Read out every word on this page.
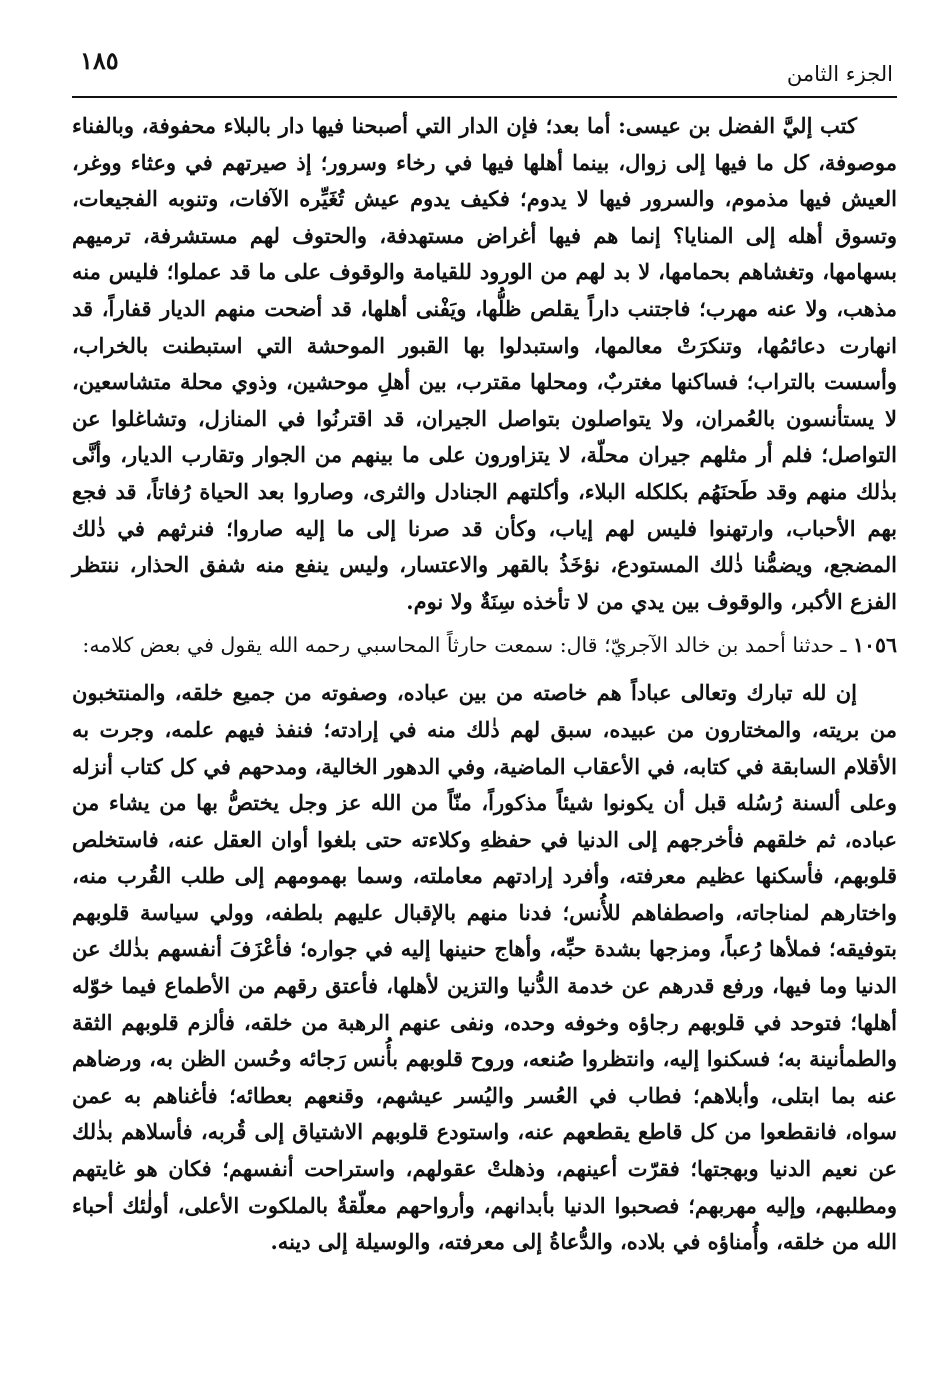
١٨٥	الجزء الثامن

كتب إليَّ الفضل بن عيسى: أما بعد؛ فإن الدار التي أصبحنا فيها دار بالبلاء محفوفة، وبالفناء موصوفة، كل ما فيها إلى زوال، بينما أهلها فيها في رخاء وسرور؛ إذ صيرتهم في وعثاء ووغر، العيش فيها مذموم، والسرور فيها لا يدوم؛ فكيف يدوم عيش تُغَيِّره الآفات، وتنوبه الفجيعات، وتسوق أهله إلى المنايا؟ إنما هم فيها أغراض مستهدفة، والحتوف لهم مستشرفة، ترميهم بسهامها، وتغشاهم بحمامها، لا بد لهم من الورود للقيامة والوقوف على ما قد عملوا؛ فليس منه مذهب، ولا عنه مهرب؛ فاجتنب داراً يقلص ظلُّها، ويَفْنى أهلها، قد أضحت منهم الديار قفاراً، قد انهارت دعائمُها، وتنكرَتْ معالمها، واستبدلوا بها القبور الموحشة التي استبطنت بالخراب، وأسست بالتراب؛ فساكنها مغتربٌ، ومحلها مقترب، بين أهلِ موحشين، وذوي محلة متشاسعين، لا يستأنسون بالعُمران، ولا يتواصلون بتواصل الجيران، قد اقترنُوا في المنازل، وتشاغلوا عن التواصل؛ فلم أر مثلهم جيران محلّة، لا يتزاورون على ما بينهم من الجوار وتقارب الديار، وأنَّى بذٰلك منهم وقد طَحنَهُم بكلكله البلاء، وأكلتهم الجنادل والثرى، وصاروا بعد الحياة رُفاتاً، قد فجع بهم الأحباب، وارتهنوا فليس لهم إياب، وكأن قد صرنا إلى ما إليه صاروا؛ فنرثهم في ذٰلك المضجع، ويضمُّنا ذٰلك المستودع، نؤخَذُ بالقهر والاعتسار، وليس ينفع منه شفق الحذار، ننتظر الفزع الأكبر، والوقوف بين يدي من لا تأخذه سِنَةٌ ولا نوم.

١٠٥٦ ـ حدثنا أحمد بن خالد الآجريّ؛ قال: سمعت حارثاً المحاسبي رحمه الله يقول في بعض كلامه:

إن لله تبارك وتعالى عباداً هم خاصته من بين عباده، وصفوته من جميع خلقه، والمنتخبون من بريته، والمختارون من عبيده، سبق لهم ذٰلك منه في إرادته؛ فنفذ فيهم علمه، وجرت به الأقلام السابقة في كتابه، في الأعقاب الماضية، وفي الدهور الخالية، ومدحهم في كل كتاب أنزله وعلى ألسنة رُسُله قبل أن يكونوا شيئاً مذكوراً، منّاً من الله عز وجل يختصُّ بها من يشاء من عباده، ثم خلقهم فأخرجهم إلى الدنيا في حفظهِ وكلاءته حتى بلغوا أوان العقل عنه، فاستخلص قلوبهم، فأسكنها عظيم معرفته، وأفرد إرادتهم معاملته، وسما بهمومهم إلى طلب القُرب منه، واختارهم لمناجاته، واصطفاهم للأُنس؛ فدنا منهم بالإقبال عليهم بلطفه، وولي سياسة قلوبهم بتوفيقه؛ فملأها رُعباً، ومزجها بشدة حبِّه، وأهاج حنينها إليه في جواره؛ فأعْزَفَ أنفسهم بذٰلك عن الدنيا وما فيها، ورفع قدرهم عن خدمة الدُّنيا والتزين لأهلها، فأعتق رقهم من الأطماع فيما خوّله أهلها؛ فتوحد في قلوبهم رجاؤه وخوفه وحده، ونفى عنهم الرهبة من خلقه، فألزم قلوبهم الثقة والطمأنينة به؛ فسكنوا إليه، وانتظروا صُنعه، وروح قلوبهم بأُنس رَجائه وحُسن الظن به، ورضاهم عنه بما ابتلى، وأبلاهم؛ فطاب في العُسر واليُسر عيشهم، وقنعهم بعطائه؛ فأغناهم به عمن سواه، فانقطعوا من كل قاطع يقطعهم عنه، واستودع قلوبهم الاشتياق إلى قُربه، فأسلاهم بذٰلك عن نعيم الدنيا وبهجتها؛ فقرّت أعينهم، وذهلتْ عقولهم، واستراحت أنفسهم؛ فكان هو غايتهم ومطلبهم، وإليه مهربهم؛ فصحبوا الدنيا بأبدانهم، وأرواحهم معلّقةٌ بالملكوت الأعلى، أولٰئك أحباء الله من خلقه، وأُمناؤه في بلاده، والدُّعاةُ إلى معرفته، والوسيلة إلى دينه.
